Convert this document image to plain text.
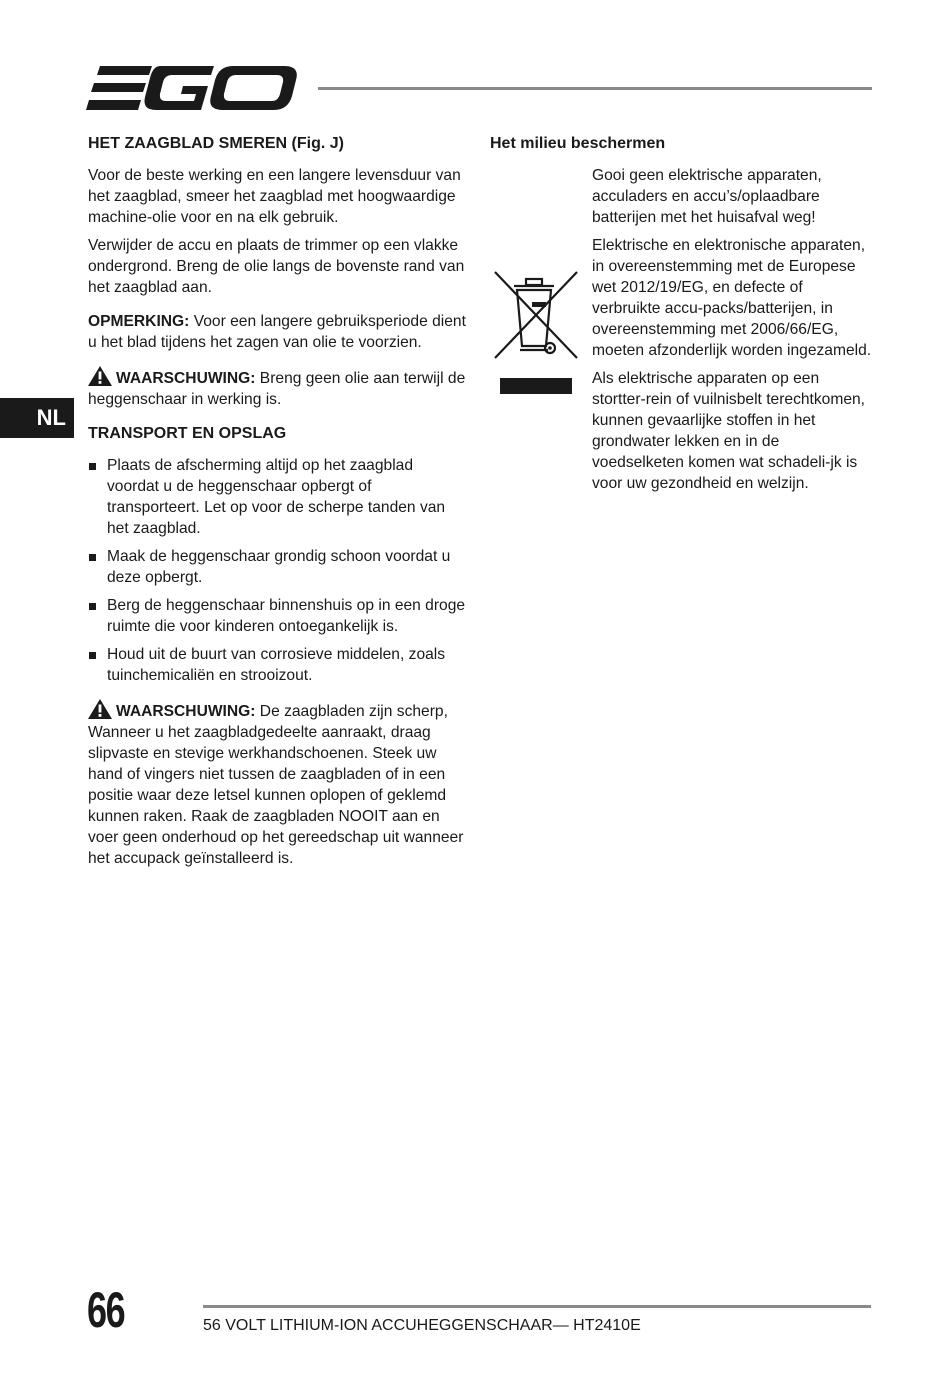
NL
HET ZAAGBLAD SMEREN (Fig. J)

Voor de beste werking en een langere levensduur van het zaagblad, smeer het zaagblad met hoogwaardige machine-olie voor en na elk gebruik.

Verwijder de accu en plaats de trimmer op een vlakke ondergrond. Breng de olie langs de bovenste rand van het zaagblad aan.

OPMERKING: Voor een langere gebruiksperiode dient u het blad tijdens het zagen van olie te voorzien.

WAARSCHUWING: Breng geen olie aan terwijl de heggenschaar in werking is.

TRANSPORT EN OPSLAG
Plaats de afscherming altijd op het zaagblad voordat u de heggenschaar opbergt of transporteert. Let op voor de scherpe tanden van het zaagblad.
Maak de heggenschaar grondig schoon voordat u deze opbergt.
Berg de heggenschaar binnenshuis op in een droge ruimte die voor kinderen ontoegankelijk is.
Houd uit de buurt van corrosieve middelen, zoals tuinchemicaliën en strooizout.

WAARSCHUWING: De zaagbladen zijn scherp, Wanneer u het zaagbladgedeelte aanraakt, draag slipvaste en stevige werkhandschoenen. Steek uw hand of vingers niet tussen de zaagbladen of in een positie waar deze letsel kunnen oplopen of geklemd kunnen raken. Raak de zaagbladen NOOIT aan en voer geen onderhoud op het gereedschap uit wanneer het accupack geïnstalleerd is.

Het milieu beschermen

Gooi geen elektrische apparaten, acculaders en accu’s/oplaadbare batterijen met het huisafval weg!

Elektrische en elektronische apparaten, in overeenstemming met de Europese wet 2012/19/EG, en defecte of verbruikte accu-packs/batterijen, in overeenstemming met 2006/66/EG, moeten afzonderlijk worden ingezameld.

Als elektrische apparaten op een stortter-rein of vuilnisbelt terechtkomen, kunnen gevaarlijke stoffen in het grondwater lekken en in de voedselketen komen wat schadeli-jk is voor uw gezondheid en welzijn.

66	56 VOLT LITHIUM-ION ACCUHEGGENSCHAAR— HT2410E
